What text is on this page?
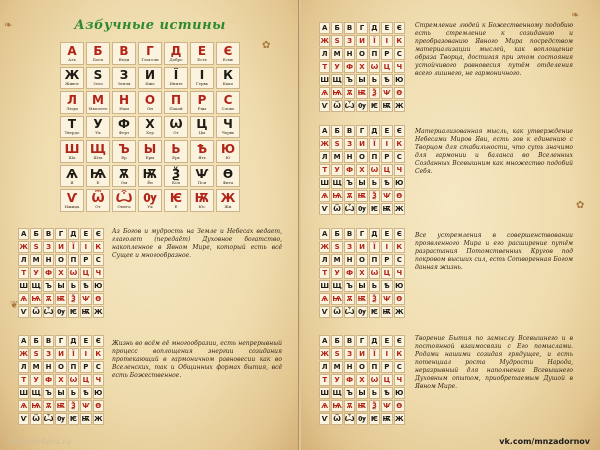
❧
✿
❦
Азбучные истины
А
Азъ
Б
Боги
В
Веди
Г
Глаголи
Д
Добро
Е
Есть
Є
Есмь
Ж
Живот
S
Зело
З
Земля
И
Иже
Ї
Инить
І
Гервь
К
Како
Л
Люди
М
Мыслете
Н
Наш
О
Он
П
Покой
Р
Рцы
С
Слово
Т
Твердо
У
Ук
Ф
Ферт
Х
Хер
Ѡ
От
Ц
Цы
Ч
Червь
Ш
Ша
Щ
Шта
Ъ
Ер
Ы
Еры
Ь
Ерь
Ѣ
Ять
Ю
Ю
Ѧ
Я
Ѩ
Е
Ѫ
Ом
Ѭ
Ён
Ѯ
Кси
Ѱ
Пси
Ѳ
Фита
Ѵ
Ижица
Ѿ
От
Ѽ
Омега
Ѹ
Ук
Ѥ
Е
Ѭ
Юс
Ж
Жи
А Б В Г Д Е Є
Ж S З И Ї І К
Л М Н О П Р С
Т У Ф Х Ѡ Ц Ч
Ш Щ Ъ Ы Ь Ѣ Ю
Ѧ Ѩ Ѫ Ѭ Ѯ Ѱ Ѳ
Ѵ Ѿ Ѽ Ѹ Ѥ Ѭ Ж

Аз Богов и мудрость на Земле и Небесах ведает, глаголет (передаёт) Духовное богатство, накопленное в Явном Мире, который есть всё Сущее и многообразное.

А Б В Г Д Е Є
Ж S З И Ї І К
Л М Н О П Р С
Т У Ф Х Ѡ Ц Ч
Ш Щ Ъ Ы Ь Ѣ Ю
Ѧ Ѩ Ѫ Ѭ Ѯ Ѱ Ѳ
Ѵ Ѿ Ѽ Ѹ Ѥ Ѭ Ж

Жизнь во всём её многообразии, есть непрерывный процесс воплощения энергии созидания протекающий в гармоничном равновесии как во Вселенских, так и Общинных формах бытия, всё есть Божественное.

fabbook4you.ru
❧
✿
А Б В Г Д Е Є
Ж S З И Ї І К
Л М Н О П Р С
Т У Ф Х Ѡ Ц Ч
Ш Щ Ъ Ы Ь Ѣ Ю
Ѧ Ѩ Ѫ Ѭ Ѯ Ѱ Ѳ
Ѵ Ѿ Ѽ Ѹ Ѥ Ѭ Ж

Стремление людей к Божественному подобию есть стремление к созиданию и преобразованию Явного Мира посредством материализации мыслей, как воплощение образа Творца, достигая при этом состояния устойчивого равновесия путём отделения всего лишнего, не гармоничного.

А Б В Г Д Е Є
Ж S З И Ї І К
Л М Н О П Р С
Т У Ф Х Ѡ Ц Ч
Ш Щ Ъ Ы Ь Ѣ Ю
Ѧ Ѩ Ѫ Ѭ Ѯ Ѱ Ѳ
Ѵ Ѿ Ѽ Ѹ Ѥ Ѭ Ж

Материализованная мысль, как утверждение Небесами Миров Яви, есть зов к единению с Творцом для стабильности, что суть значимо для гармонии и баланса во Вселенных Созданных Всевышним как множество подобий Себя.

А Б В Г Д Е Є
Ж S З И Ї І К
Л М Н О П Р С
Т У Ф Х Ѡ Ц Ч
Ш Щ Ъ Ы Ь Ѣ Ю
Ѧ Ѩ Ѫ Ѭ Ѯ Ѱ Ѳ
Ѵ Ѿ Ѽ Ѹ Ѥ Ѭ Ж

Все устремления в совершенствовании проявленного Мира и его расширение путём разрастания Потомственных Кругов под покровом высших сил, есть Сотворенная Богом данная жизнь.

А Б В Г Д Е Є
Ж S З И Ї І К
Л М Н О П Р С
Т У Ф Х Ѡ Ц Ч
Ш Щ Ъ Ы Ь Ѣ Ю
Ѧ Ѩ Ѫ Ѭ Ѯ Ѱ Ѳ
Ѵ Ѿ Ѽ Ѹ Ѥ Ѭ Ж

Творение Бытия по замыслу Всевышнего и в постоянной взаимосвязи с Его помыслами. Родами нашими созидая грядущее, и есть потенциал роста Мудрости Народа, неразрывный для наполнения Всевышнего Духовным опытом, приобретаемым Душой в Явном Мире.

vk.com/mnzadornov
